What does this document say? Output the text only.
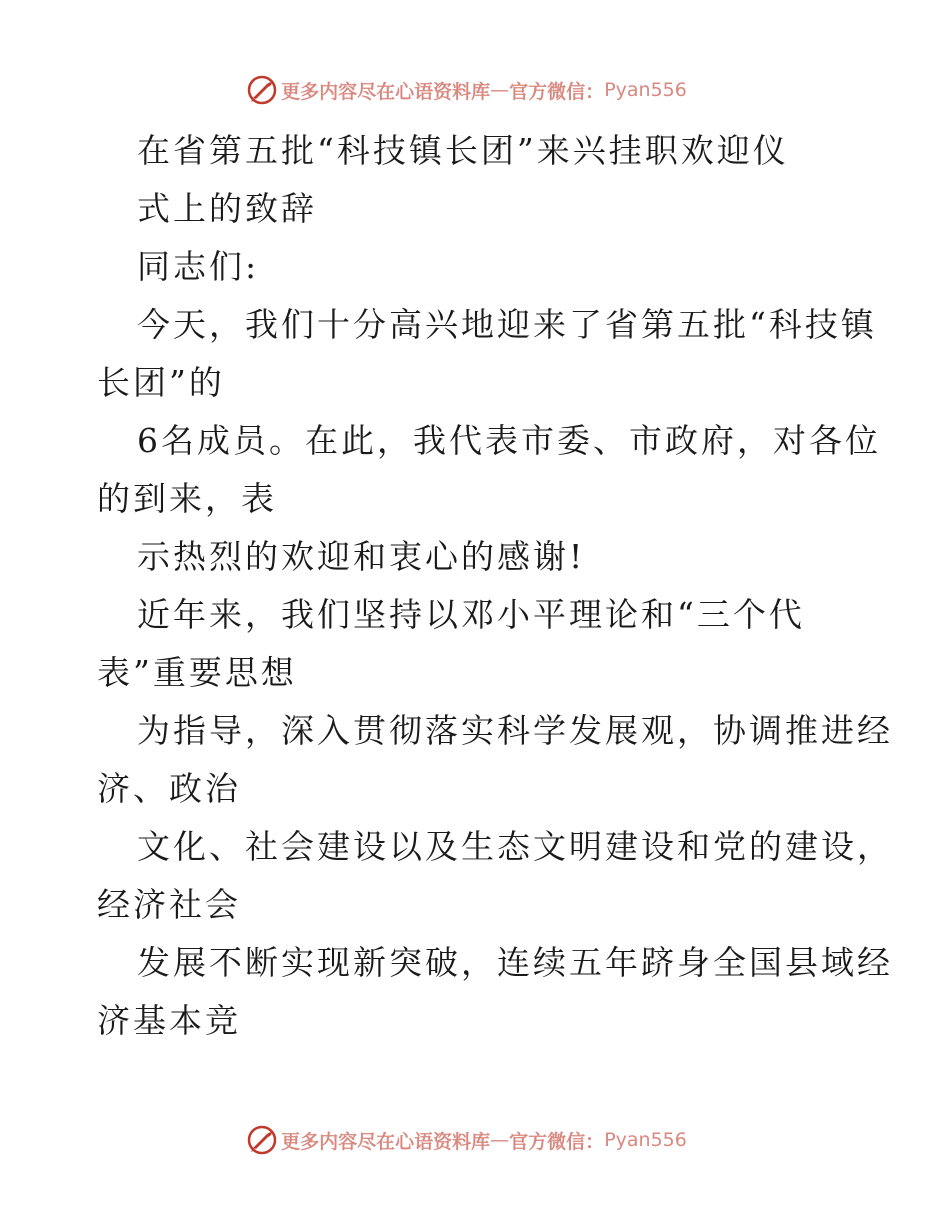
更多内容尽在心语资料库 — 官方微信： Pyan556
在省第五批“科技镇长团”来兴挂职欢迎仪
式上的致辞
同志们:
今天，我们十分高兴地迎来了省第五批“科技镇
长团”的
6名成员。在此，我代表市委、市政府，对各位
的到来，表
示热烈的欢迎和衷心的感谢!
近年来，我们坚持以邓小平理论和“三个代
表”重要思想
为指导，深入贯彻落实科学发展观，协调推进经
济、政治
文化、社会建设以及生态文明建设和党的建设，
经济社会
发展不断实现新突破，连续五年跻身全国县域经
济基本竞
更多内容尽在心语资料库 — 官方微信： Pyan556
